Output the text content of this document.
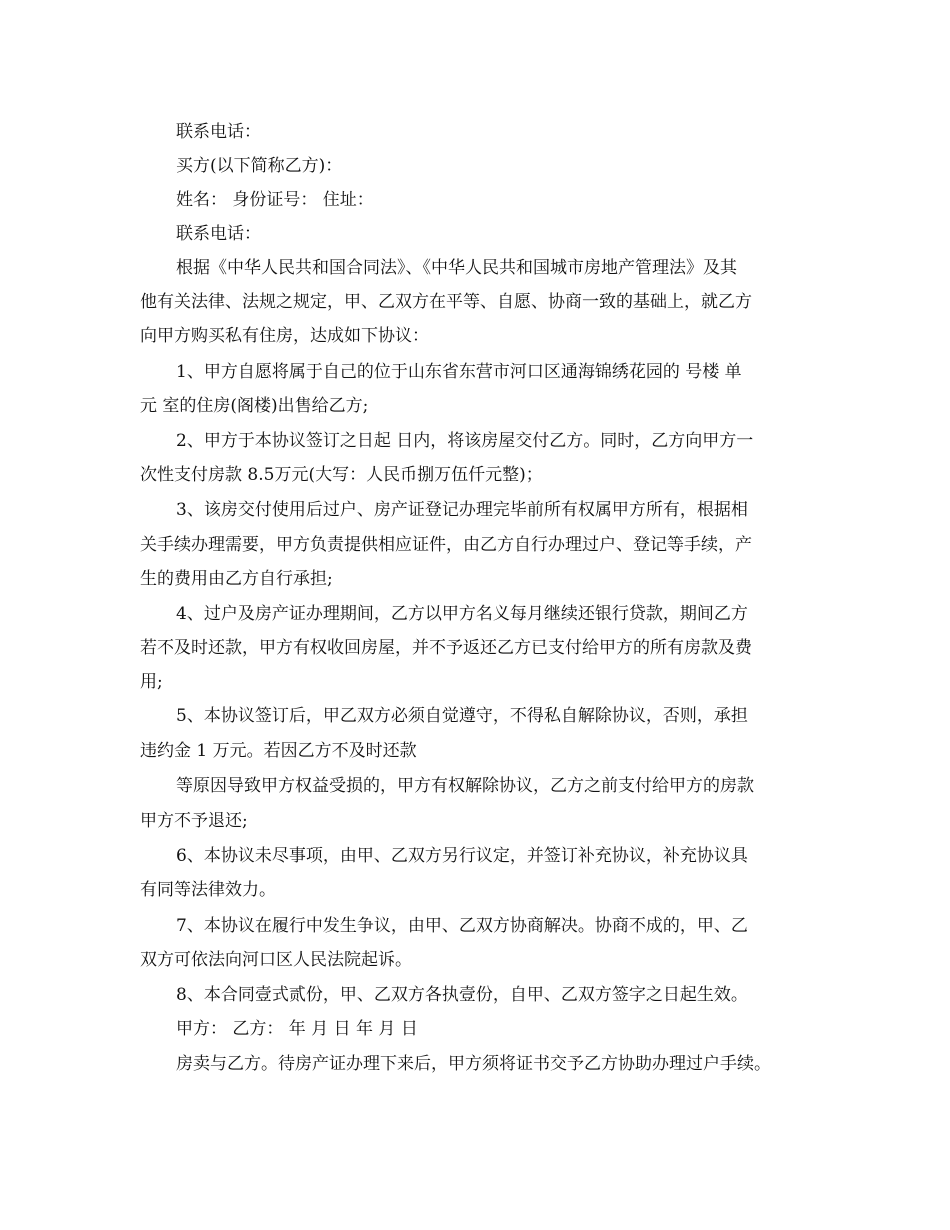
联系电话：
买方(以下简称乙方)：
姓名： 身份证号： 住址：
联系电话：
根据《中华人民共和国合同法》、《中华人民共和国城市房地产管理法》及其
他有关法律、法规之规定，甲、乙双方在平等、自愿、协商一致的基础上，就乙方
向甲方购买私有住房，达成如下协议：
1、甲方自愿将属于自己的位于山东省东营市河口区通海锦绣花园的 号楼 单
元 室的住房(阁楼)出售给乙方;
2、甲方于本协议签订之日起 日内，将该房屋交付乙方。同时，乙方向甲方一
次性支付房款 8.5万元(大写：人民币捌万伍仟元整)；
3、该房交付使用后过户、房产证登记办理完毕前所有权属甲方所有，根据相
关手续办理需要，甲方负责提供相应证件，由乙方自行办理过户、登记等手续，产
生的费用由乙方自行承担;
4、过户及房产证办理期间，乙方以甲方名义每月继续还银行贷款，期间乙方
若不及时还款，甲方有权收回房屋，并不予返还乙方已支付给甲方的所有房款及费
用;
5、本协议签订后，甲乙双方必须自觉遵守，不得私自解除协议，否则，承担
违约金 1 万元。若因乙方不及时还款
等原因导致甲方权益受损的，甲方有权解除协议，乙方之前支付给甲方的房款
甲方不予退还;
6、本协议未尽事项，由甲、乙双方另行议定，并签订补充协议，补充协议具
有同等法律效力。
7、本协议在履行中发生争议，由甲、乙双方协商解决。协商不成的，甲、乙
双方可依法向河口区人民法院起诉。
8、本合同壹式贰份，甲、乙双方各执壹份，自甲、乙双方签字之日起生效。
甲方： 乙方： 年 月 日 年 月 日
房卖与乙方。待房产证办理下来后，甲方须将证书交予乙方协助办理过户手续。
